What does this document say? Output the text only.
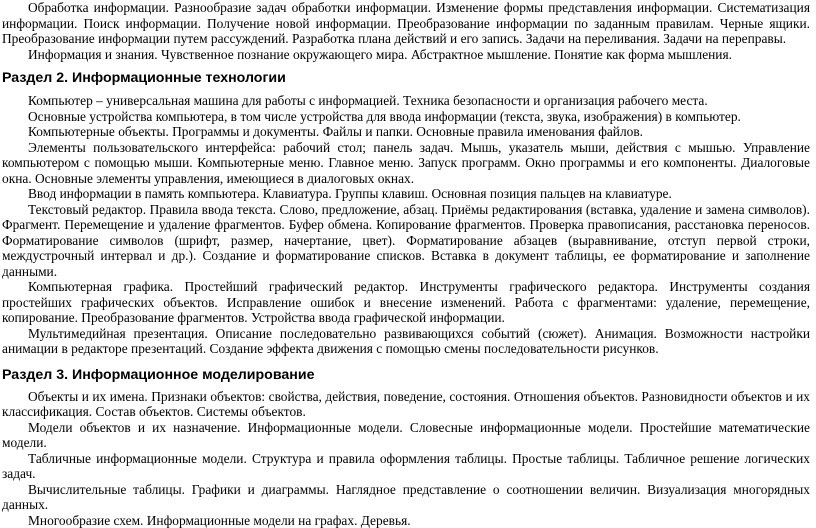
Обработка информации. Разнообразие задач обработки информации. Изменение формы представления информации. Систематизация информации. Поиск информации. Получение новой информации. Преобразование информации по заданным правилам. Черные ящики. Преобразование информации путем рассуждений. Разработка плана действий и его запись. Задачи на переливания. Задачи на переправы.

Информация и знания. Чувственное познание окружающего мира. Абстрактное мышление. Понятие как форма мышления.

Раздел 2. Информационные технологии

Компьютер – универсальная машина для работы с информацией. Техника безопасности и организация рабочего места.

Основные устройства компьютера, в том числе устройства для ввода информации (текста, звука, изображения) в компьютер.

Компьютерные объекты. Программы и документы. Файлы и папки. Основные правила именования файлов.

Элементы пользовательского интерфейса: рабочий стол; панель задач. Мышь, указатель мыши, действия с мышью. Управление компьютером с помощью мыши. Компьютерные меню. Главное меню. Запуск программ. Окно программы и его компоненты. Диалоговые окна. Основные элементы управления, имеющиеся в диалоговых окнах.

Ввод информации в память компьютера. Клавиатура. Группы клавиш. Основная позиция пальцев на клавиатуре.

Текстовый редактор. Правила ввода текста. Слово, предложение, абзац. Приёмы редактирования (вставка, удаление и замена символов). Фрагмент. Перемещение и удаление фрагментов. Буфер обмена. Копирование фрагментов. Проверка правописания, расстановка переносов. Форматирование символов (шрифт, размер, начертание, цвет). Форматирование абзацев (выравнивание, отступ первой строки, междустрочный интервал и др.). Создание и форматирование списков. Вставка в документ таблицы, ее форматирование и заполнение данными.

Компьютерная графика. Простейший графический редактор. Инструменты графического редактора. Инструменты создания простейших графических объектов. Исправление ошибок и внесение изменений. Работа с фрагментами: удаление, перемещение, копирование. Преобразование фрагментов. Устройства ввода графической информации.

Мультимедийная презентация. Описание последовательно развивающихся событий (сюжет). Анимация. Возможности настройки анимации в редакторе презентаций. Создание эффекта движения с помощью смены последовательности рисунков.

Раздел 3. Информационное моделирование

Объекты и их имена. Признаки объектов: свойства, действия, поведение, состояния. Отношения объектов. Разновидности объектов и их классификация. Состав объектов. Системы объектов.

Модели объектов и их назначение. Информационные модели. Словесные информационные модели. Простейшие математические модели.

Табличные информационные модели. Структура и правила оформления таблицы. Простые таблицы. Табличное решение логических задач.

Вычислительные таблицы. Графики и диаграммы. Наглядное представление о соотношении величин. Визуализация многорядных данных.

Многообразие схем. Информационные модели на графах. Деревья.
